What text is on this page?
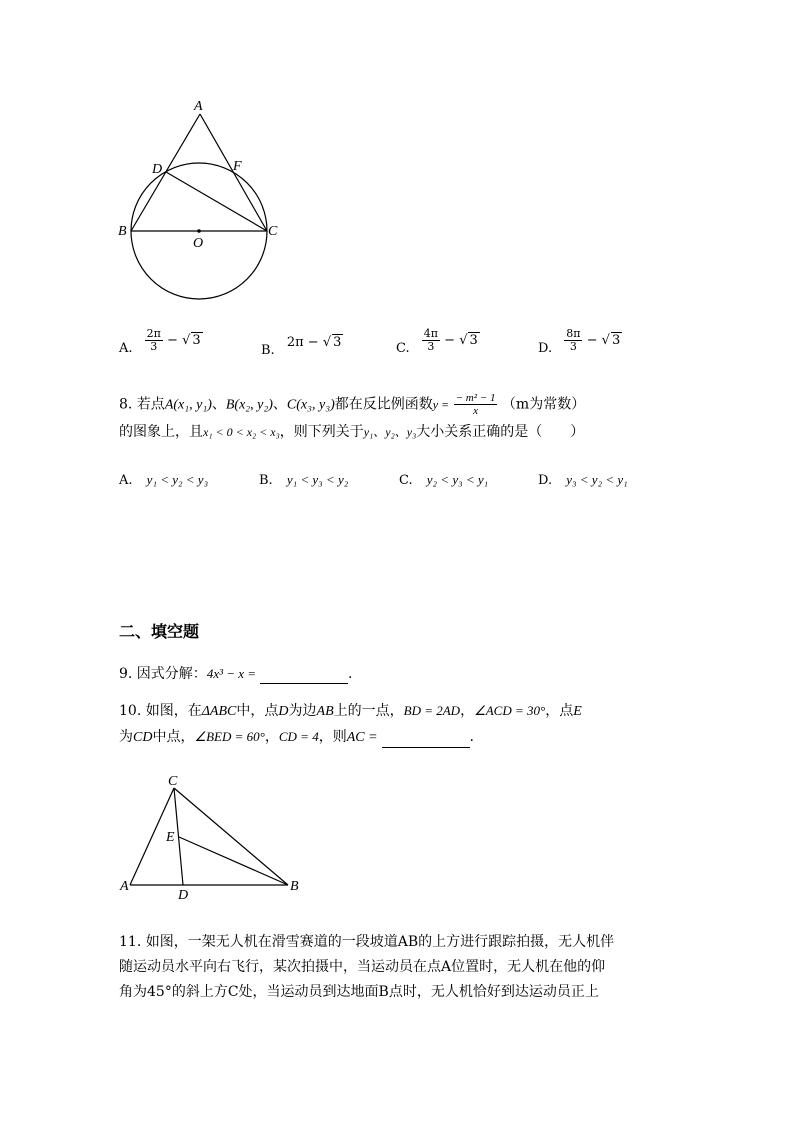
A
D	F
B
O
C
A. $\frac{2\pi}{3}$ − √ 3
B. 2π − √ 3	C. $\frac{4\pi}{3}$ − √ 3
D. $\frac{8\pi}{3}$ − √ 3
8. 若点A(x₁, y₁)、B(x₂, y₂)、C(x₃, y₃)都在反比例函数$y = \frac{\text{− m² − 1}}{x} (m$为常数）
的图象上，且x₁ < 0 < x₂ < x₃，则下列关于y₁、y₂、y₃大小关系正确的是（　　）
A. y₁ < y₂ < y₃	B. y₁ < y₃ < y₂	C. y₂ < y₃ < y₁	D. y₃ < y₂ < y₁
二、填空题
9. 因式分解：4x³ − x =	.
10. 如图，在ΔABC中，点D为边AB上的一点，BD = 2AD，∠ACD = 30°，点E
为CD中点，∠BED = 60°，CD = 4，则AC =	.
C
E
A
D
B
11. 如图，一架无人机在滑雪赛道的一段坡道AB的上方进行跟踪拍摄，无人机伴
随运动员水平向右飞行，某次拍摄中，当运动员在点A位置时，无人机在他的仰
角为45°的斜上方C处，当运动员到达地面B点时，无人机恰好到达运动员正上
